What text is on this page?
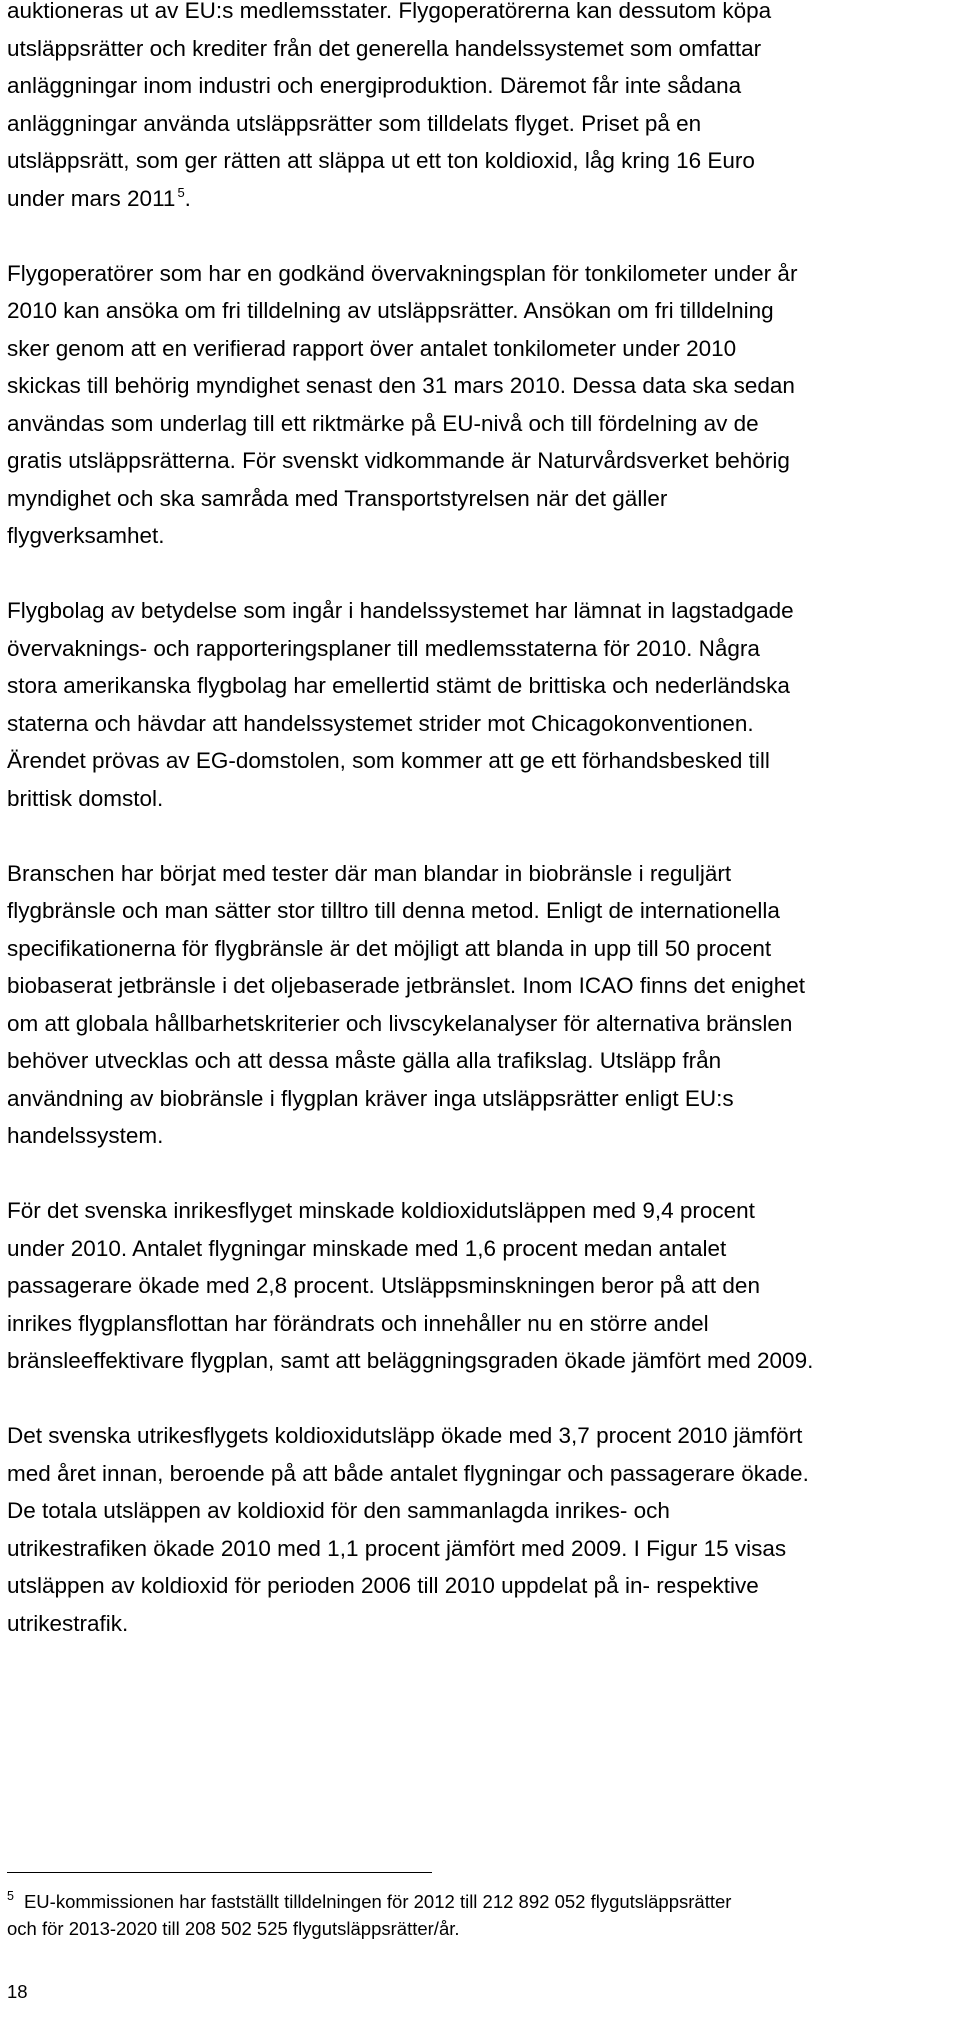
auktioneras ut av EU:s medlemsstater. Flygoperatörerna kan dessutom köpa
utsläppsrätter och krediter från det generella handelssystemet som omfattar
anläggningar inom industri och energiproduktion. Däremot får inte sådana
anläggningar använda utsläppsrätter som tilldelats flyget. Priset på en
utsläppsrätt, som ger rätten att släppa ut ett ton koldioxid, låg kring 16 Euro
under mars 2011 $^5$.

Flygoperatörer som har en godkänd övervakningsplan för tonkilometer under år
2010 kan ansöka om fri tilldelning av utsläppsrätter. Ansökan om fri tilldelning
sker genom att en verifierad rapport över antalet tonkilometer under 2010
skickas till behörig myndighet senast den 31 mars 2010. Dessa data ska sedan
användas som underlag till ett riktmärke på EU-nivå och till fördelning av de
gratis utsläppsrätterna. För svenskt vidkommande är Naturvårdsverket behörig
myndighet och ska samråda med Transportstyrelsen när det gäller
flygverksamhet.

Flygbolag av betydelse som ingår i handelssystemet har lämnat in lagstadgade
övervaknings- och rapporteringsplaner till medlemsstaterna för 2010. Några
stora amerikanska flygbolag har emellertid stämt de brittiska och nederländska
staterna och hävdar att handelssystemet strider mot Chicagokonventionen.
Ärendet prövas av EG-domstolen, som kommer att ge ett förhandsbesked till
brittisk domstol.

Branschen har börjat med tester där man blandar in biobränsle i reguljärt
flygbränsle och man sätter stor tilltro till denna metod. Enligt de internationella
specifikationerna för flygbränsle är det möjligt att blanda in upp till 50 procent
biobaserat jetbränsle i det oljebaserade jetbränslet. Inom ICAO finns det enighet
om att globala hållbarhetskriterier och livscykelanalyser för alternativa bränslen
behöver utvecklas och att dessa måste gälla alla trafikslag. Utsläpp från
användning av biobränsle i flygplan kräver inga utsläppsrätter enligt EU:s
handelssystem.

För det svenska inrikesflyget minskade koldioxidutsläppen med 9,4 procent
under 2010. Antalet flygningar minskade med 1,6 procent medan antalet
passagerare ökade med 2,8 procent. Utsläppsminskningen beror på att den
inrikes flygplansflottan har förändrats och innehåller nu en större andel
bränsleeffektivare flygplan, samt att beläggningsgraden ökade jämfört med 2009.

Det svenska utrikesflygets koldioxidutsläpp ökade med 3,7 procent 2010 jämfört
med året innan, beroende på att både antalet flygningar och passagerare ökade.
De totala utsläppen av koldioxid för den sammanlagda inrikes- och
utrikestrafiken ökade 2010 med 1,1 procent jämfört med 2009. I Figur 15 visas
utsläppen av koldioxid för perioden 2006 till 2010 uppdelat på in- respektive
utrikestrafik.

$^5$ EU-kommissionen har fastställt tilldelningen för 2012 till 212 892 052 flygutsläppsrätter
och för 2013-2020 till 208 502 525 flygutsläppsrätter/år.
18
